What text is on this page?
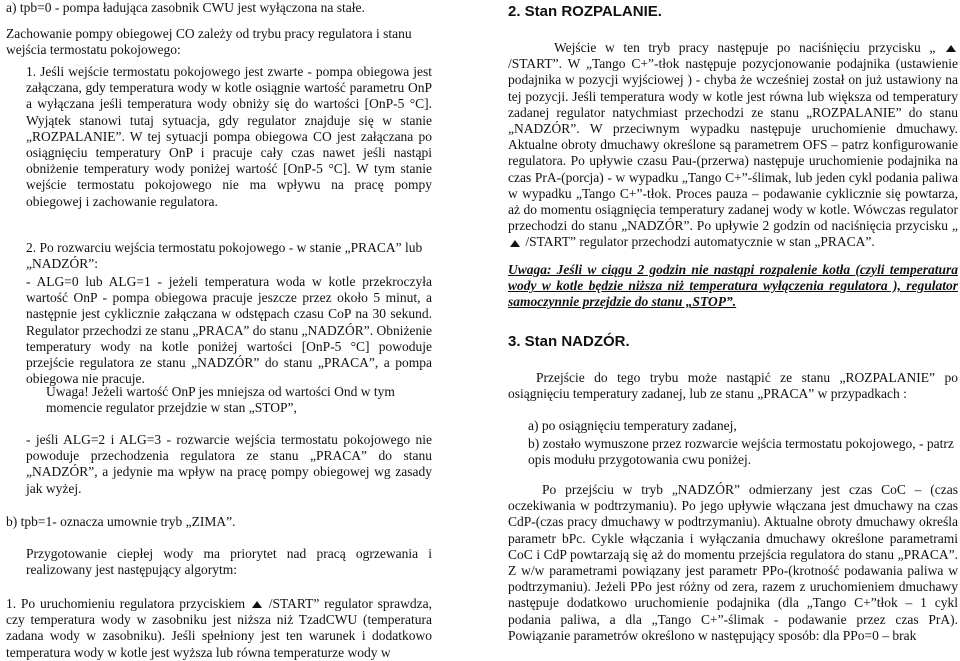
a) tpb=0 - pompa ładująca zasobnik CWU jest wyłączona na stałe.

Zachowanie pompy obiegowej CO zależy od trybu pracy regulatora i stanu wejścia termostatu pokojowego:

1. Jeśli wejście termostatu pokojowego jest zwarte - pompa obiegowa jest załączana, gdy temperatura wody w kotle osiągnie wartość parametru OnP a wyłączana jeśli temperatura wody obniży się do wartości [OnP-5 °C]. Wyjątek stanowi tutaj sytuacja, gdy regulator znajduje się w stanie „ROZPALANIE”. W tej sytuacji pompa obiegowa CO jest załączana po osiągnięciu temperatury OnP i pracuje cały czas nawet jeśli nastąpi obniżenie temperatury wody poniżej wartość [OnP-5 °C]. W tym stanie wejście termostatu pokojowego nie ma wpływu na pracę pompy obiegowej i zachowanie regulatora.

2. Po rozwarciu wejścia termostatu pokojowego - w stanie „PRACA” lub „NADZÓR”:

- ALG=0 lub ALG=1 - jeżeli temperatura woda w kotle przekroczyła wartość OnP - pompa obiegowa pracuje jeszcze przez około 5 minut, a następnie jest cyklicznie załączana w odstępach czasu CoP na 30 sekund. Regulator przechodzi ze stanu „PRACA” do stanu „NADZÓR”. Obniżenie temperatury wody na kotle poniżej wartości [OnP-5 °C] powoduje przejście regulatora ze stanu „NADZÓR” do stanu „PRACA”, a pompa obiegowa nie pracuje.

Uwaga! Jeżeli wartość OnP jes mniejsza od wartości Ond w tym momencie regulator przejdzie w stan „STOP”,

- jeśli ALG=2 i ALG=3 - rozwarcie wejścia termostatu pokojowego nie powoduje przechodzenia regulatora ze stanu „PRACA” do stanu „NADZÓR”, a jedynie ma wpływ na pracę pompy obiegowej wg zasady jak wyżej.

b) tpb=1- oznacza umownie tryb „ZIMA”.

Przygotowanie ciepłej wody ma priorytet nad pracą ogrzewania i realizowany jest następujący algorytm:

1. Po uruchomieniu regulatora przyciskiem /START” regulator sprawdza, czy temperatura wody w zasobniku jest niższa niż TzadCWU (temperatura zadana wody w zasobniku). Jeśli spełniony jest ten warunek i dodatkowo temperatura wody w kotle jest wyższa lub równa temperaturze wody w

2. Stan ROZPALANIE.

Wejście w ten tryb pracy następuje po naciśnięciu przycisku „  /START”. W „Tango C+”-tłok następuje pozycjonowanie podajnika (ustawienie podajnika w pozycji wyjściowej ) - chyba że wcześniej został on już ustawiony na tej pozycji. Jeśli temperatura wody w kotle jest równa lub większa od temperatury zadanej regulator natychmiast przechodzi ze stanu „ROZPALANIE” do stanu „NADZÓR”. W przeciwnym wypadku następuje uruchomienie dmuchawy. Aktualne obroty dmuchawy określone są parametrem OFS – patrz konfigurowanie regulatora. Po upływie czasu Pau-(przerwa) następuje uruchomienie podajnika na czas PrA-(porcja) - w wypadku „Tango C+”-ślimak, lub jeden cykl podania paliwa w wypadku „Tango C+”-tłok. Proces pauza – podawanie cyklicznie się powtarza, aż do momentu osiągnięcia temperatury zadanej wody w kotle. Wówczas regulator przechodzi do stanu „NADZÓR”. Po upływie 2 godzin od naciśnięcia przycisku „  /START” regulator przechodzi automatycznie w stan „PRACA”.

Uwaga: Jeśli w ciągu 2 godzin nie nastąpi rozpalenie kotła (czyli temperatura wody w kotle będzie niższa niż temperatura wyłączenia regulatora ), regulator samoczynnie przejdzie do stanu „STOP”.

3. Stan NADZÓR.

Przejście do tego trybu może nastąpić ze stanu „ROZPALANIE” po osiągnięciu temperatury zadanej, lub ze stanu „PRACA” w przypadkach :

a) po osiągnięciu temperatury zadanej,

b) zostało wymuszone przez rozwarcie wejścia termostatu pokojowego, - patrz opis modułu przygotowania cwu poniżej.

Po przejściu w tryb „NADZÓR” odmierzany jest czas CoC – (czas oczekiwania w podtrzymaniu). Po jego upływie włączana jest dmuchawy na czas CdP-(czas pracy dmuchawy w podtrzymaniu). Aktualne obroty dmuchawy określa parametr bPc. Cykle włączania i wyłączania dmuchawy określone parametrami CoC i CdP powtarzają się aż do momentu przejścia regulatora do stanu „PRACA”. Z w/w parametrami powiązany jest parametr PPo-(krotność podawania paliwa w podtrzymaniu). Jeżeli PPo jest różny od zera, razem z uruchomieniem dmuchawy następuje dodatkowo uruchomienie podajnika (dla „Tango C+”tłok – 1 cykl podania paliwa, a dla „Tango C+”-ślimak - podawanie przez czas PrA). Powiązanie parametrów określono w następujący sposób: dla PPo=0 – brak
